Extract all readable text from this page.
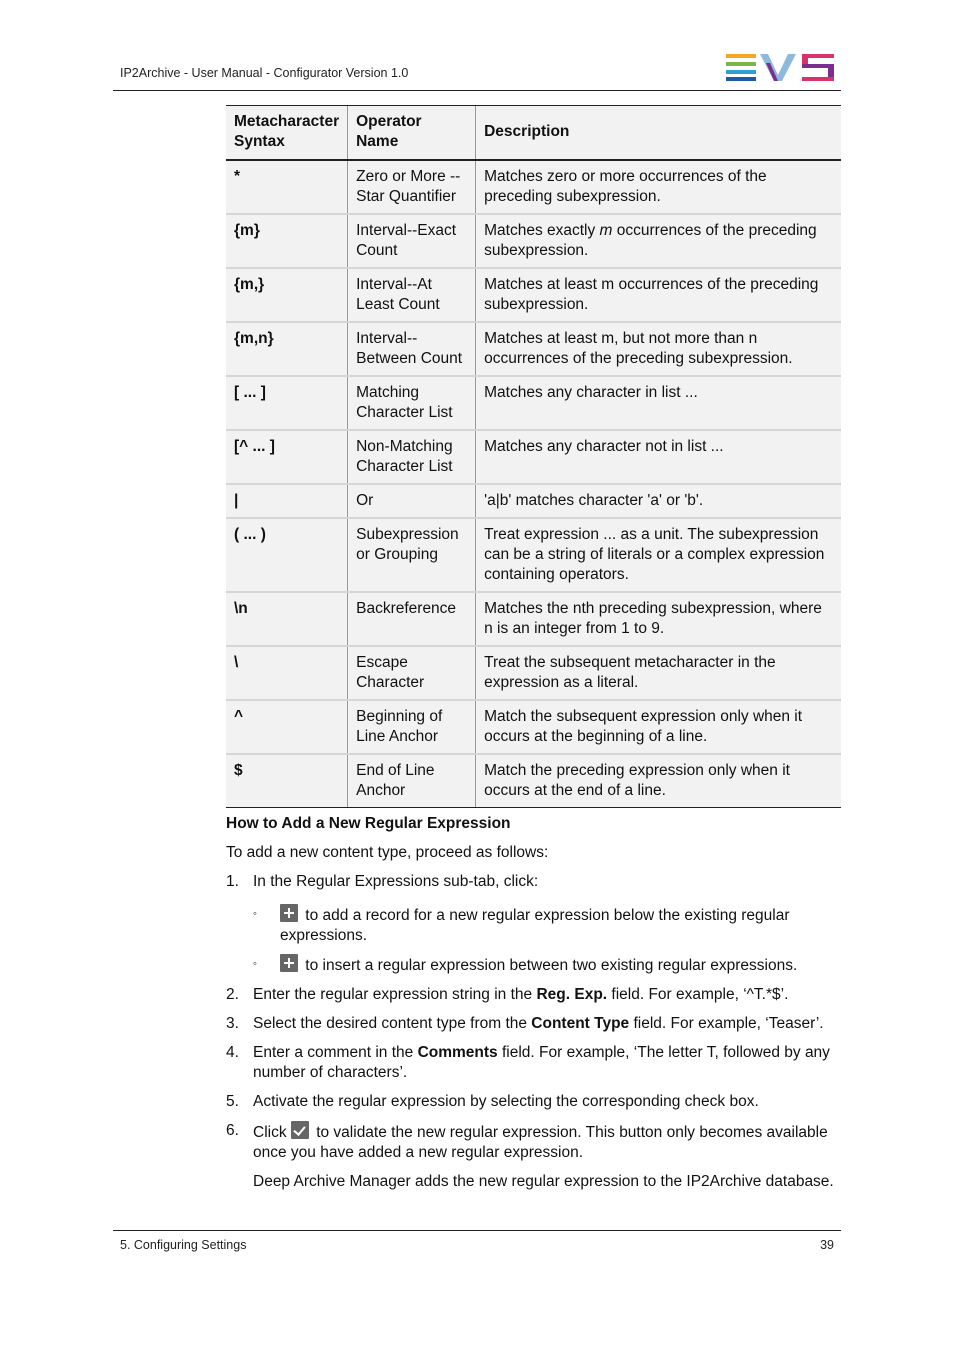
IP2Archive - User Manual - Configurator Version 1.0
Metacharacter Syntax	Operator Name	Description
*	Zero or More -- Star Quantifier	Matches zero or more occurrences of the preceding subexpression.
{m}	Interval--Exact Count	Matches exactly m occurrences of the preceding subexpression.
{m,}	Interval--At Least Count	Matches at least m occurrences of the preceding subexpression.
{m,n}	Interval-- Between Count	Matches at least m, but not more than n occurrences of the preceding subexpression.
[ ... ]	Matching Character List	Matches any character in list ...
[^ ... ]	Non-Matching Character List	Matches any character not in list ...
|	Or	'a|b' matches character 'a' or 'b'.
( ... )	Subexpression or Grouping	Treat expression ... as a unit. The subexpression can be a string of literals or a complex expression containing operators.
\n	Backreference	Matches the nth preceding subexpression, where n is an integer from 1 to 9.
\	Escape Character	Treat the subsequent metacharacter in the expression as a literal.
^	Beginning of Line Anchor	Match the subsequent expression only when it occurs at the beginning of a line.
$	End of Line Anchor	Match the preceding expression only when it occurs at the end of a line.
How to Add a New Regular Expression

To add a new content type, proceed as follows:

1. In the Regular Expressions sub-tab, click:
◦	to add a record for a new regular expression below the existing regular expressions.
◦	to insert a regular expression between two existing regular expressions.
2. Enter the regular expression string in the Reg. Exp. field. For example, ‘^T.*$’.
3. Select the desired content type from the Content Type field. For example, ‘Teaser’.
4. Enter a comment in the Comments field. For example, ‘The letter T, followed by any number of characters’.
5. Activate the regular expression by selecting the corresponding check box.
6. Click  to validate the new regular expression. This button only becomes available once you have added a new regular expression.

Deep Archive Manager adds the new regular expression to the IP2Archive database.

5. Configuring Settings	39
